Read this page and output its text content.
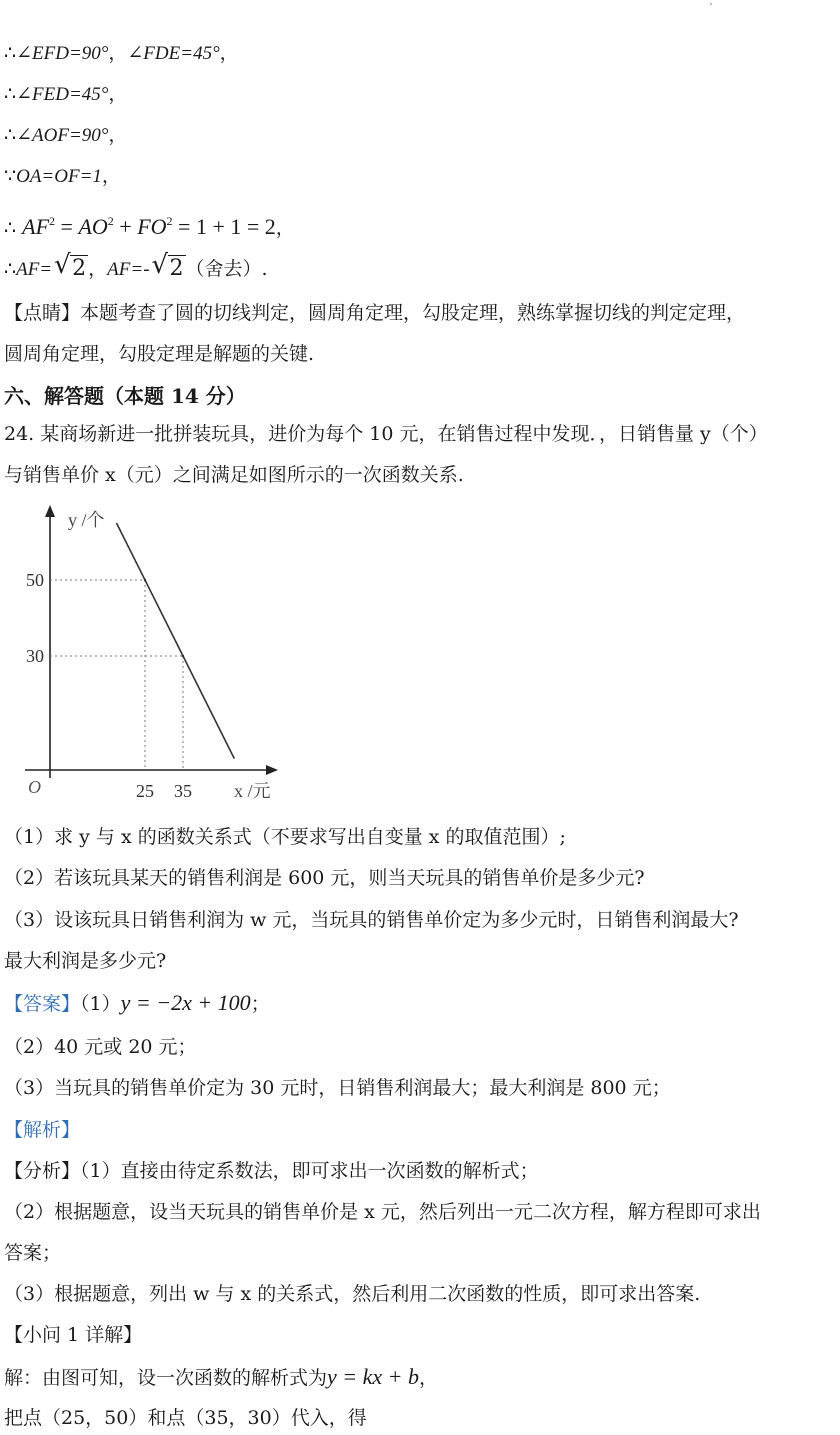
∴∠EFD=90°，∠FDE=45°，
∴∠FED=45°，
∴∠AOF=90°，
∵OA=OF=1，
∴ $AF^2 = AO^2 + FO^2 = 1 + 1 = 2$，
∴AF= √ 2 ，AF=- √ 2 （舍去）.
【点睛】本题考查了圆的切线判定，圆周角定理，勾股定理，熟练掌握切线的判定定理，
圆周角定理，勾股定理是解题的关键.
六、解答题（本题 14 分）
24. 某商场新进一批拼装玩具，进价为每个 10 元，在销售过程中发现．，日销售量 y（个）
与销售单价 x（元）之间满足如图所示的一次函数关系.
25 35
50
30
O
y /个
x /元
（1）求 y 与 x 的函数关系式（不要求写出自变量 x 的取值范围）;
（2）若该玩具某天的销售利润是 600 元，则当天玩具的销售单价是多少元?
（3）设该玩具日销售利润为 w 元，当玩具的销售单价定为多少元时，日销售利润最大?
最大利润是多少元?
【答案】（1）y = −2x + 100；
（2）40 元或 20 元；
（3）当玩具的销售单价定为 30 元时，日销售利润最大；最大利润是 800 元；
【解析】
【分析】（1）直接由待定系数法，即可求出一次函数的解析式；
（2）根据题意，设当天玩具的销售单价是 x 元，然后列出一元二次方程，解方程即可求出
答案；
（3）根据题意，列出 w 与 x 的关系式，然后利用二次函数的性质，即可求出答案.
【小问 1 详解】
解：由图可知，设一次函数的解析式为y = kx + b，
把点（25，50）和点（35，30）代入，得
